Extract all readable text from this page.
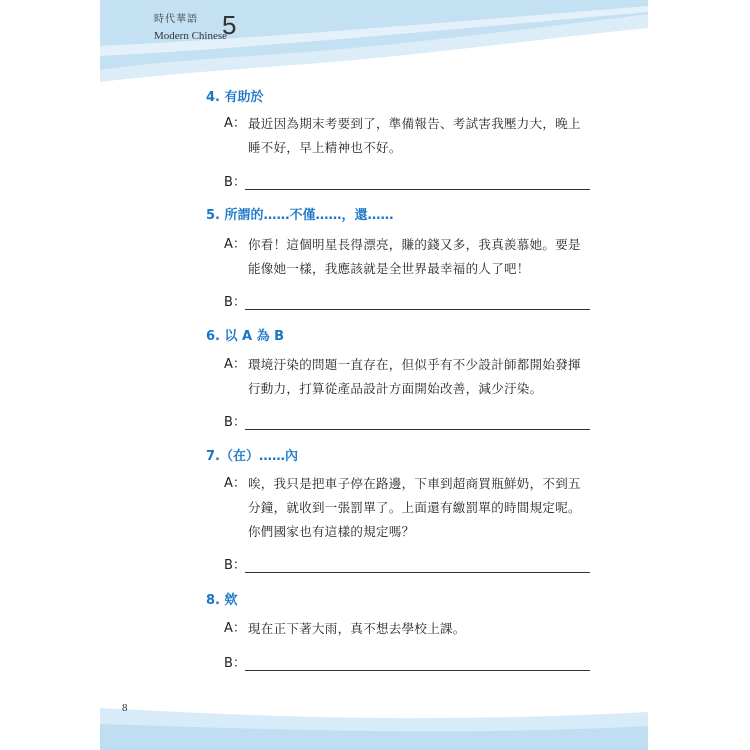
時代華語
Modern Chinese
5
4. 有助於
A： 最近因為期末考要到了，準備報告、考試害我壓力大，晚上睡不好，早上精神也不好。
B：
5. 所謂的……不僅……，還……
A： 你看！這個明星長得漂亮，賺的錢又多，我真羨慕她。要是能像她一樣，我應該就是全世界最幸福的人了吧！
B：
6. 以 A 為 B
A： 環境汙染的問題一直存在，但似乎有不少設計師都開始發揮行動力，打算從產品設計方面開始改善，減少汙染。
B：
7.（在）……內
A： 唉，我只是把車子停在路邊，下車到超商買瓶鮮奶，不到五分鐘，就收到一張罰單了。上面還有繳罰單的時間規定呢。你們國家也有這樣的規定嗎？
B：
8. 欸
A： 現在正下著大雨，真不想去學校上課。
B：
8
